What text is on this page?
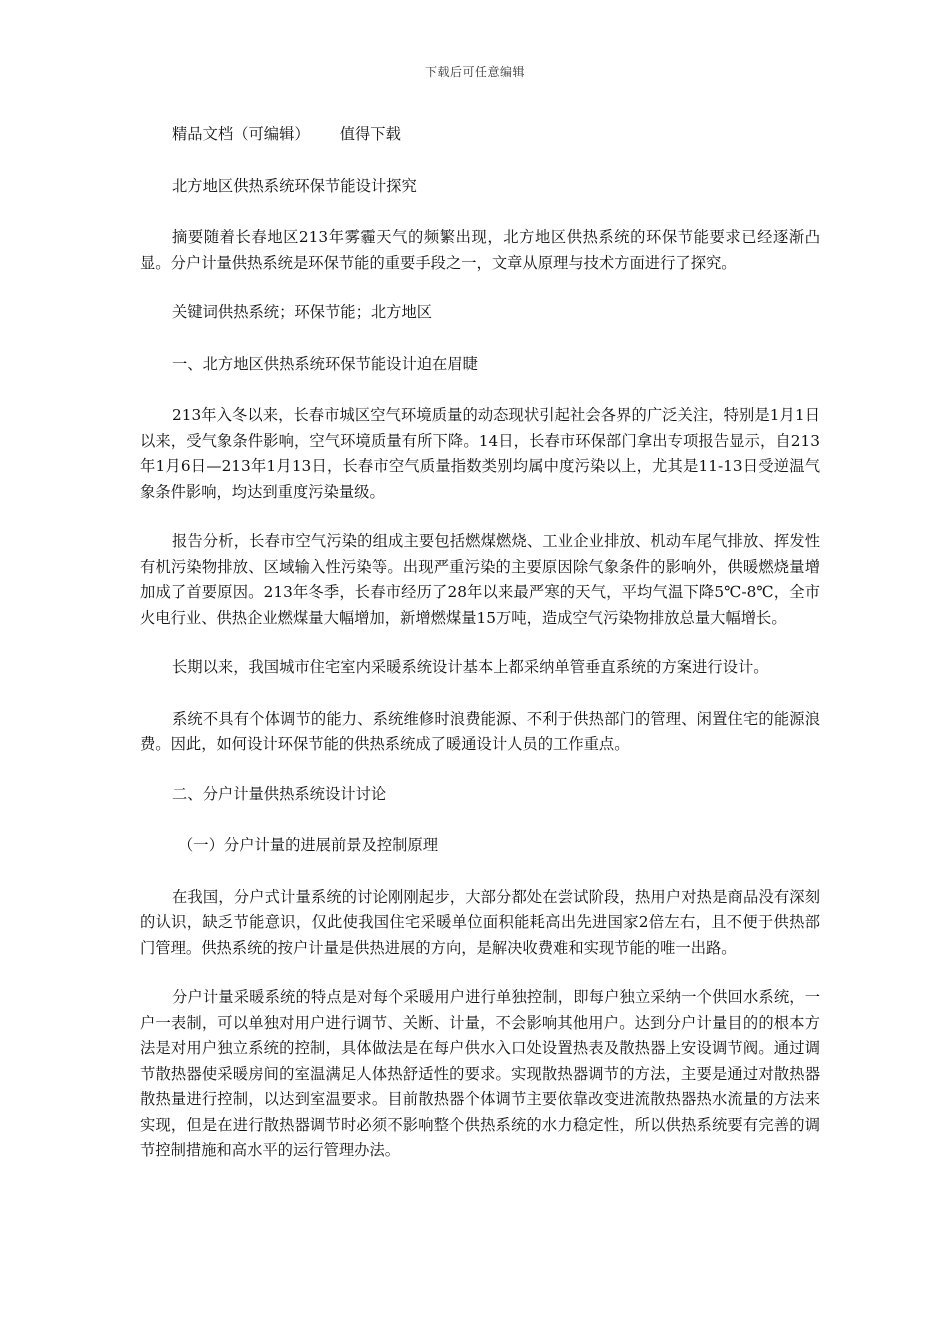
下载后可任意编辑

精品文档（可编辑） 值得下载

北方地区供热系统环保节能设计探究

摘要随着长春地区213年雾霾天气的频繁出现，北方地区供热系统的环保节能要求已经逐渐凸显。分户计量供热系统是环保节能的重要手段之一，文章从原理与技术方面进行了探究。

关键词供热系统；环保节能；北方地区

一、北方地区供热系统环保节能设计迫在眉睫

213年入冬以来，长春市城区空气环境质量的动态现状引起社会各界的广泛关注，特别是1月1日以来，受气象条件影响，空气环境质量有所下降。14日，长春市环保部门拿出专项报告显示，自213年1月6日—213年1月13日，长春市空气质量指数类别均属中度污染以上，尤其是11-13日受逆温气象条件影响，均达到重度污染量级。

报告分析，长春市空气污染的组成主要包括燃煤燃烧、工业企业排放、机动车尾气排放、挥发性有机污染物排放、区域输入性污染等。出现严重污染的主要原因除气象条件的影响外，供暖燃烧量增加成了首要原因。213年冬季，长春市经历了28年以来最严寒的天气，平均气温下降5℃-8℃，全市火电行业、供热企业燃煤量大幅增加，新增燃煤量15万吨，造成空气污染物排放总量大幅增长。

长期以来，我国城市住宅室内采暖系统设计基本上都采纳单管垂直系统的方案进行设计。

系统不具有个体调节的能力、系统维修时浪费能源、不利于供热部门的管理、闲置住宅的能源浪费。因此，如何设计环保节能的供热系统成了暖通设计人员的工作重点。

二、分户计量供热系统设计讨论

（一）分户计量的进展前景及控制原理

在我国，分户式计量系统的讨论刚刚起步，大部分都处在尝试阶段，热用户对热是商品没有深刻的认识，缺乏节能意识，仅此使我国住宅采暖单位面积能耗高出先进国家2倍左右，且不便于供热部门管理。供热系统的按户计量是供热进展的方向，是解决收费难和实现节能的唯一出路。

分户计量采暖系统的特点是对每个采暖用户进行单独控制，即每户独立采纳一个供回水系统，一户一表制，可以单独对用户进行调节、关断、计量，不会影响其他用户。达到分户计量目的的根本方法是对用户独立系统的控制，具体做法是在每户供水入口处设置热表及散热器上安设调节阀。通过调节散热器使采暖房间的室温满足人体热舒适性的要求。实现散热器调节的方法，主要是通过对散热器散热量进行控制，以达到室温要求。目前散热器个体调节主要依靠改变进流散热器热水流量的方法来实现，但是在进行散热器调节时必须不影响整个供热系统的水力稳定性，所以供热系统要有完善的调节控制措施和高水平的运行管理办法。
